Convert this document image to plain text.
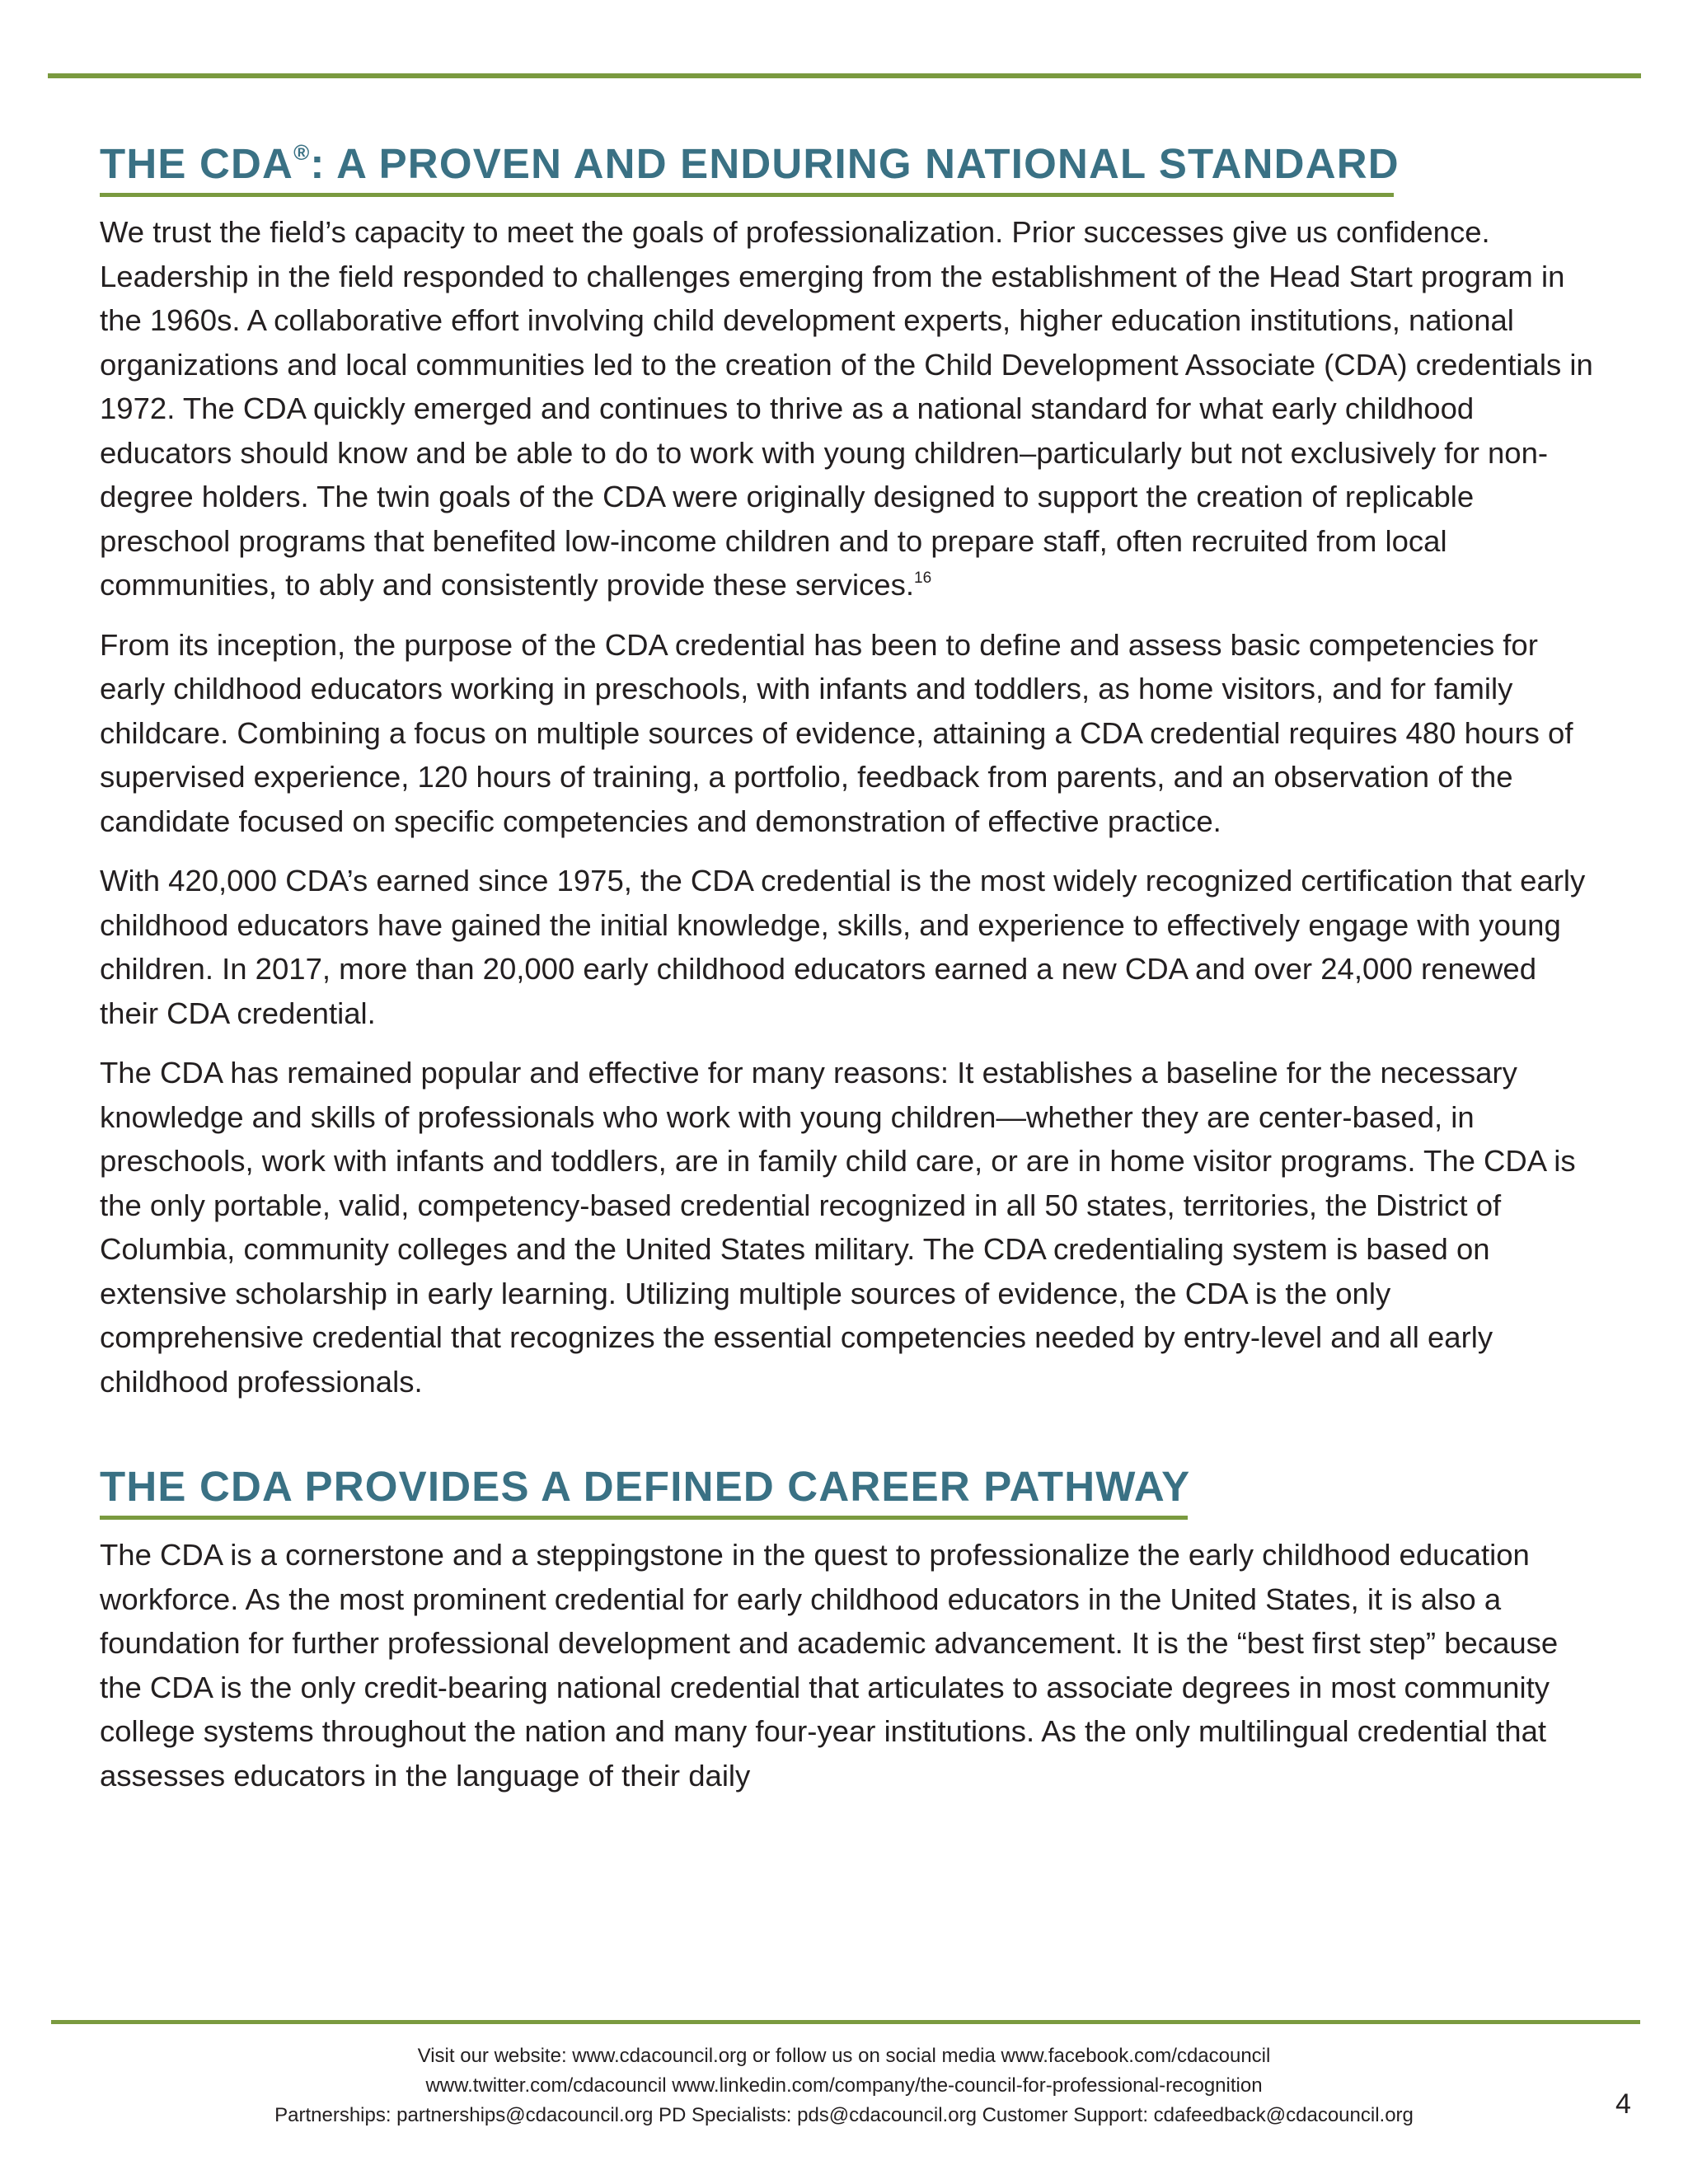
THE CDA®: A PROVEN AND ENDURING NATIONAL STANDARD

We trust the field’s capacity to meet the goals of professionalization. Prior successes give us confidence. Leadership in the field responded to challenges emerging from the establishment of the Head Start program in the 1960s. A collaborative effort involving child development experts, higher education institutions, national organizations and local communities led to the creation of the Child Development Associate (CDA) credentials in 1972. The CDA quickly emerged and continues to thrive as a national standard for what early childhood educators should know and be able to do to work with young children–particularly but not exclusively for non-degree holders. The twin goals of the CDA were originally designed to support the creation of replicable preschool programs that benefited low-income children and to prepare staff, often recruited from local communities, to ably and consistently provide these services.$^{16}$

From its inception, the purpose of the CDA credential has been to define and assess basic competencies for early childhood educators working in preschools, with infants and toddlers, as home visitors, and for family childcare. Combining a focus on multiple sources of evidence, attaining a CDA credential requires 480 hours of supervised experience, 120 hours of training, a portfolio, feedback from parents, and an observation of the candidate focused on specific competencies and demonstration of effective practice.

With 420,000 CDA’s earned since 1975, the CDA credential is the most widely recognized certification that early childhood educators have gained the initial knowledge, skills, and experience to effectively engage with young children. In 2017, more than 20,000 early childhood educators earned a new CDA and over 24,000 renewed their CDA credential.

The CDA has remained popular and effective for many reasons: It establishes a baseline for the necessary knowledge and skills of professionals who work with young children—whether they are center-based, in preschools, work with infants and toddlers, are in family child care, or are in home visitor programs. The CDA is the only portable, valid, competency-based credential recognized in all 50 states, territories, the District of Columbia, community colleges and the United States military. The CDA credentialing system is based on extensive scholarship in early learning. Utilizing multiple sources of evidence, the CDA is the only comprehensive credential that recognizes the essential competencies needed by entry-level and all early childhood professionals.

THE CDA PROVIDES A DEFINED CAREER PATHWAY

The CDA is a cornerstone and a steppingstone in the quest to professionalize the early childhood education workforce. As the most prominent credential for early childhood educators in the United States, it is also a foundation for further professional development and academic advancement. It is the “best first step” because the CDA is the only credit-bearing national credential that articulates to associate degrees in most community college systems throughout the nation and many four-year institutions. As the only multilingual credential that assesses educators in the language of their daily

Visit our website: www.cdacouncil.org or follow us on social media www.facebook.com/cdacouncil
www.twitter.com/cdacouncil www.linkedin.com/company/the-council-for-professional-recognition
Partnerships: partnerships@cdacouncil.org PD Specialists: pds@cdacouncil.org Customer Support: cdafeedback@cdacouncil.org	4
